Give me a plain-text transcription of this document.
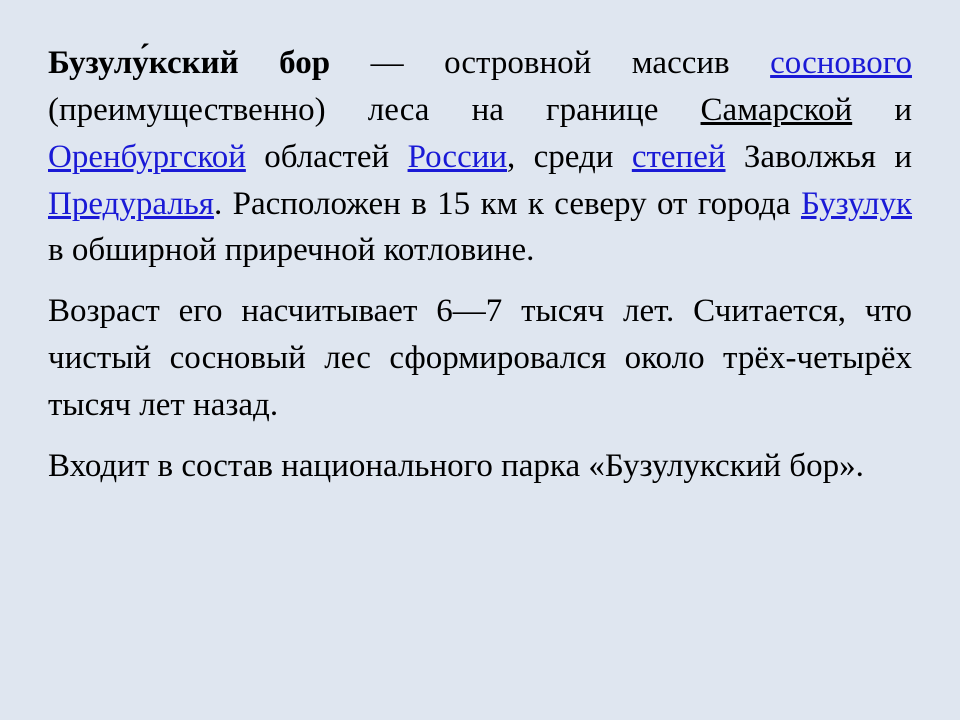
Бузулу́кский бор — островной массив соснового (преимущественно) леса на границе Самарской и Оренбургской областей России, среди степей Заволжья и Предуралья. Расположен в 15 км к северу от города Бузулук в обширной приречной котловине.

Возраст его насчитывает 6—7 тысяч лет. Считается, что чистый сосновый лес сформировался около трёх-четырёх тысяч лет назад.

Входит в состав национального парка «Бузулукский бор».
